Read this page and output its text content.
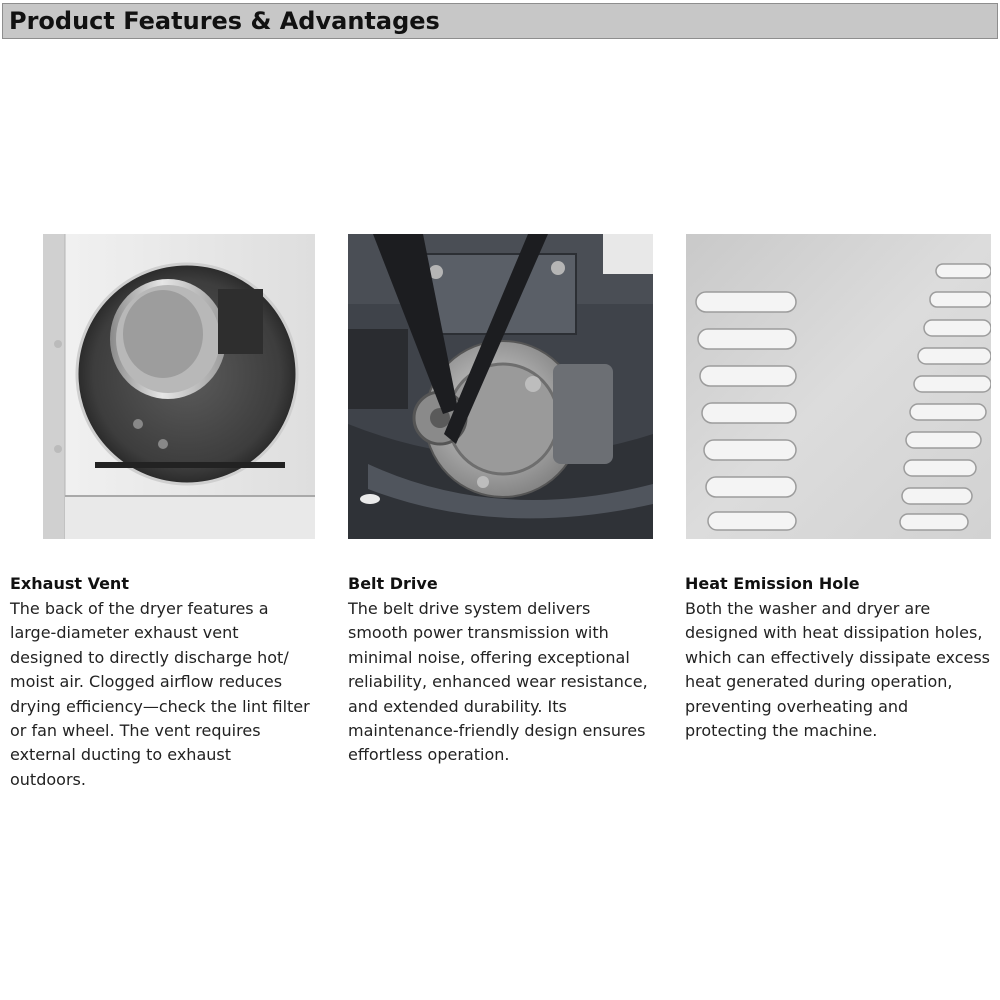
Product Features & Advantages
Exhaust Vent

The back of the dryer features a
large-diameter exhaust vent
designed to directly discharge hot/
moist air. Clogged airflow reduces
drying efficiency—check the lint filter
or fan wheel. The vent requires
external ducting to exhaust
outdoors.

Belt Drive

The belt drive system delivers
smooth power transmission with
minimal noise, offering exceptional
reliability, enhanced wear resistance,
and extended durability. Its
maintenance-friendly design ensures
effortless operation.

Heat Emission Hole

Both the washer and dryer are
designed with heat dissipation holes,
which can effectively dissipate excess
heat generated during operation,
preventing overheating and
protecting the machine.
